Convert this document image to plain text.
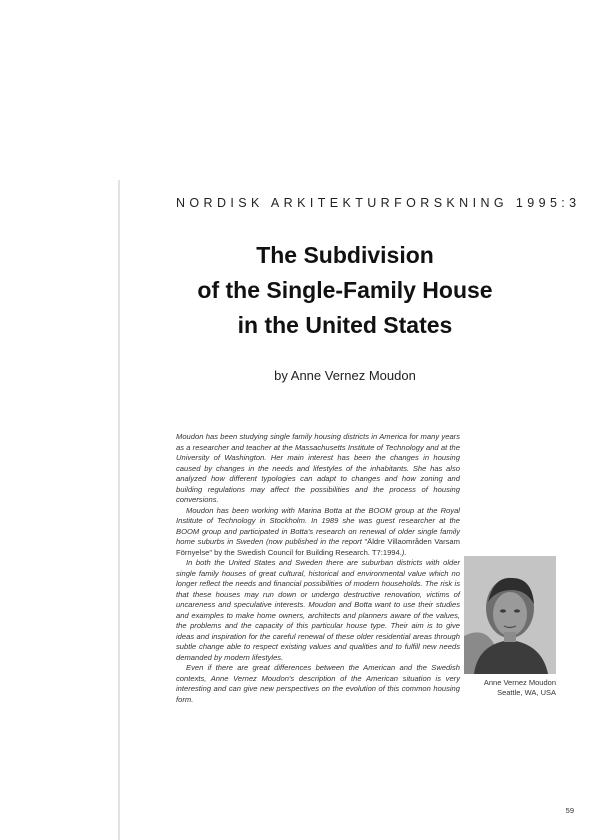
NORDISK ARKITEKTURFORSKNING 1995:3
The Subdivision
of the Single-Family House
in the United States
by Anne Vernez Moudon

Moudon has been studying single family housing districts in America for many years as a researcher and teacher at the Massachusetts Institute of Technology and at the University of Washington. Her main interest has been the changes in housing caused by changes in the needs and lifestyles of the inhabitants. She has also analyzed how different typologies can adapt to changes and how zoning and building regulations may affect the possibilities and the process of housing conversions.

Moudon has been working with Marina Botta at the BOOM group at the Royal Institute of Technology in Stockholm. In 1989 she was guest researcher at the BOOM group and participated in Botta's research on renewal of older single family home suburbs in Sweden (now published in the report "Äldre Villaområden Varsam Förnyelse" by the Swedish Council for Building Research. T7:1994.).

In both the United States and Sweden there are suburban districts with older single family houses of great cultural, historical and environmental value which no longer reflect the needs and financial possibilities of modern households. The risk is that these houses may run down or undergo destructive renovation, victims of uncareness and speculative interests. Moudon and Botta want to use their studies and examples to make home owners, architects and planners aware of the values, the problems and the capacity of this particular house type. Their aim is to give ideas and inspiration for the careful renewal of these older residential areas through subtle change able to respect existing values and qualities and to fulfill new needs demanded by modern lifestyles.

Even if there are great differences between the American and the Swedish contexts, Anne Vernez Moudon's description of the American situation is very interesting and can give new perspectives on the evolution of this common housing form.

Anne Vernez Moudon
Seattle, WA, USA
59
